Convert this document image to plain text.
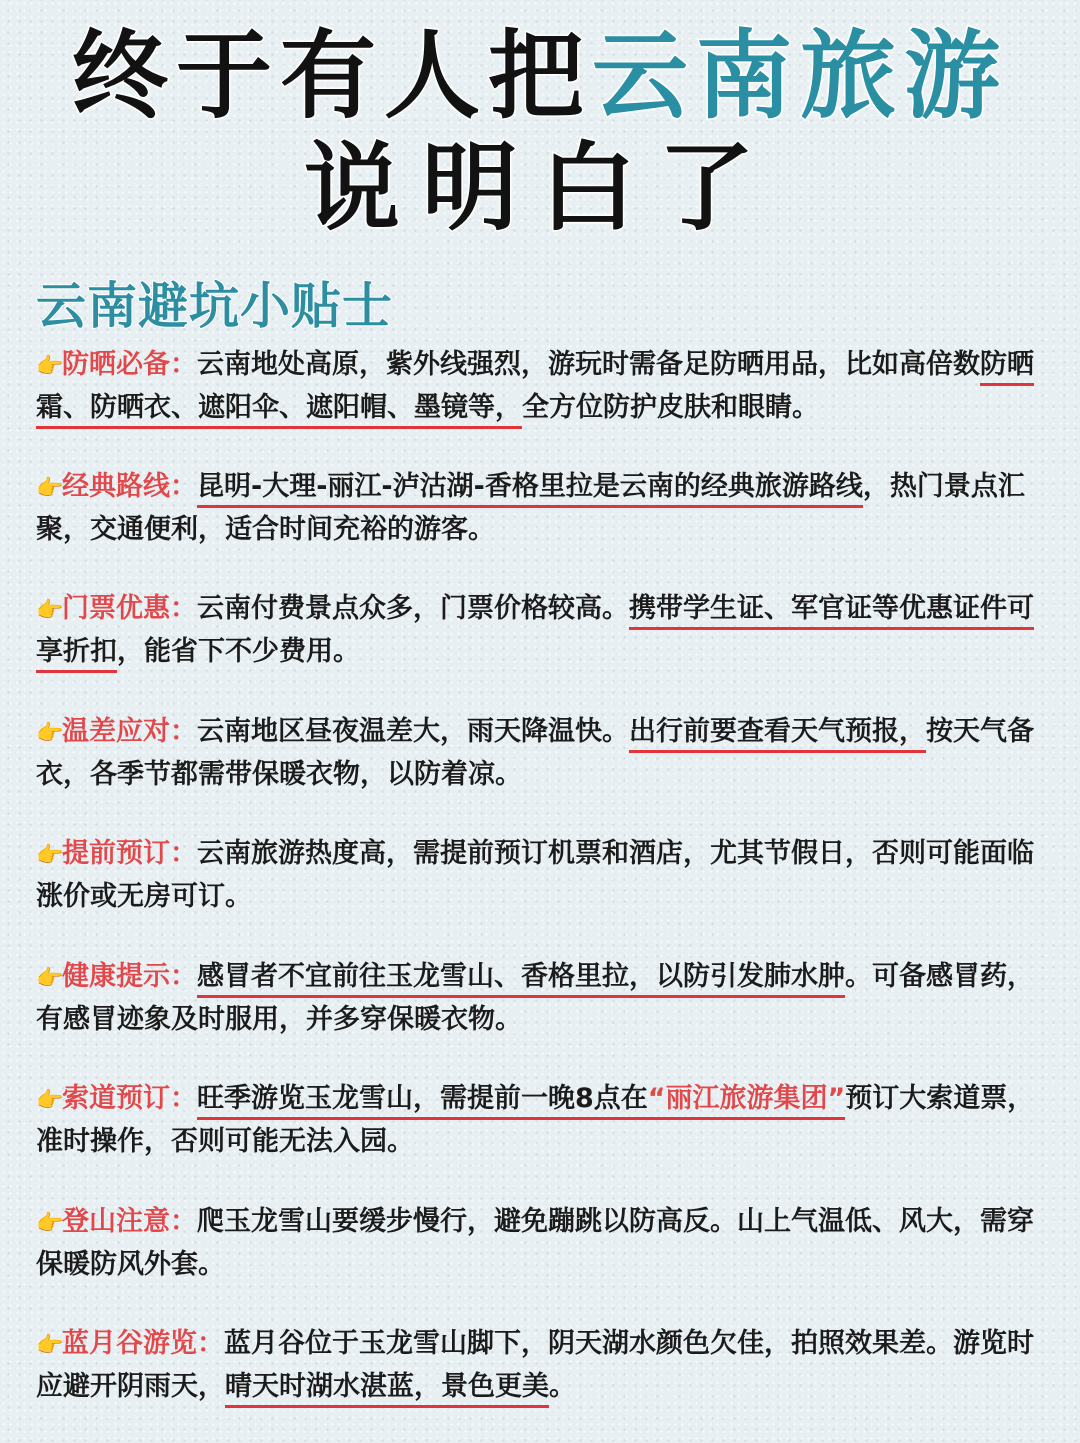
终于有人把云南旅游
说明白了
云南避坑小贴士
👉防晒必备：云南地处高原，紫外线强烈，游玩时需备足防晒用品，比如高倍数防晒霜、防晒衣、遮阳伞、遮阳帽、墨镜等，全方位防护皮肤和眼睛。
👉经典路线：昆明-大理-丽江-泸沽湖-香格里拉是云南的经典旅游路线，热门景点汇聚，交通便利，适合时间充裕的游客。
👉门票优惠：云南付费景点众多，门票价格较高。携带学生证、军官证等优惠证件可享折扣，能省下不少费用。
👉温差应对：云南地区昼夜温差大，雨天降温快。出行前要查看天气预报，按天气备衣，各季节都需带保暖衣物，以防着凉。
👉提前预订：云南旅游热度高，需提前预订机票和酒店，尤其节假日，否则可能面临涨价或无房可订。
👉健康提示：感冒者不宜前往玉龙雪山、香格里拉，以防引发肺水肿。可备感冒药，有感冒迹象及时服用，并多穿保暖衣物。
👉索道预订：旺季游览玉龙雪山，需提前一晚8点在“丽江旅游集团”预订大索道票，准时操作，否则可能无法入园。
👉登山注意：爬玉龙雪山要缓步慢行，避免蹦跳以防高反。山上气温低、风大，需穿保暖防风外套。
👉蓝月谷游览：蓝月谷位于玉龙雪山脚下，阴天湖水颜色欠佳，拍照效果差。游览时应避开阴雨天，晴天时湖水湛蓝，景色更美。
